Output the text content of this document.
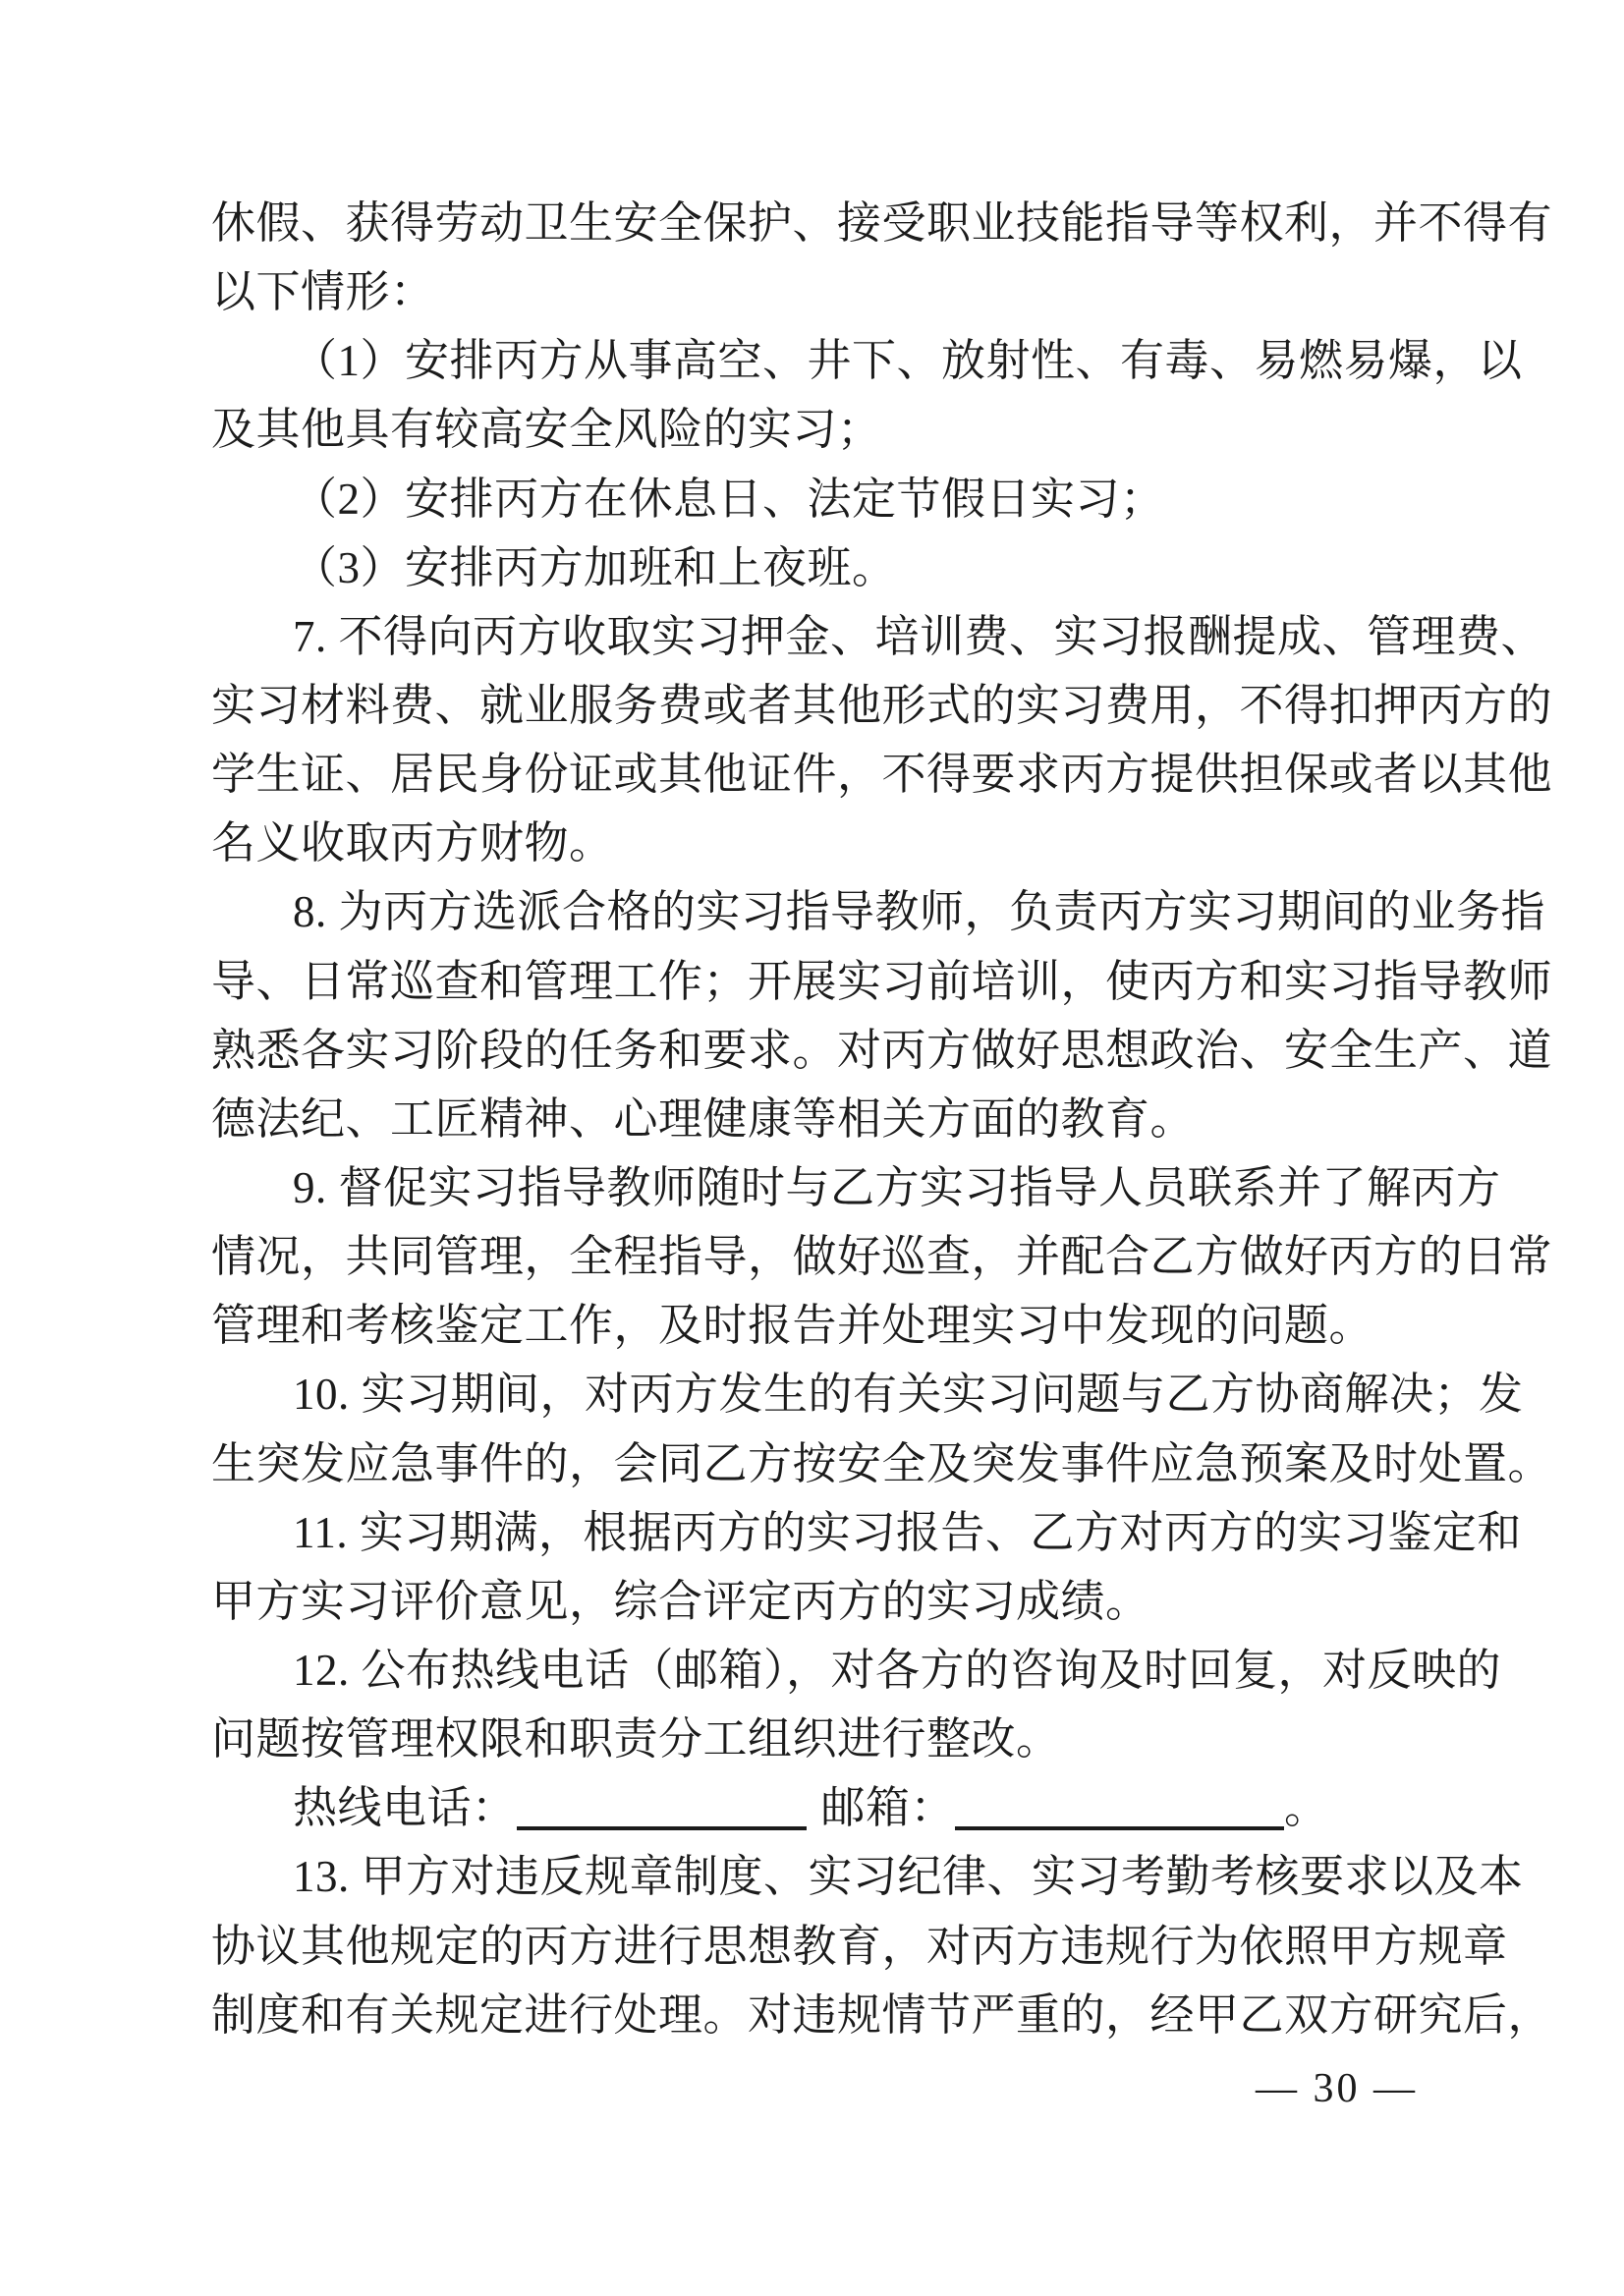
休假、获得劳动卫生安全保护、接受职业技能指导等权利，并不得有
以下情形：
（1）安排丙方从事高空、井下、放射性、有毒、易燃易爆，以
及其他具有较高安全风险的实习；
（2）安排丙方在休息日、法定节假日实习；
（3）安排丙方加班和上夜班。
7. 不得向丙方收取实习押金、培训费、实习报酬提成、管理费、
实习材料费、就业服务费或者其他形式的实习费用，不得扣押丙方的
学生证、居民身份证或其他证件，不得要求丙方提供担保或者以其他
名义收取丙方财物。
8. 为丙方选派合格的实习指导教师，负责丙方实习期间的业务指
导、日常巡查和管理工作；开展实习前培训，使丙方和实习指导教师
熟悉各实习阶段的任务和要求。对丙方做好思想政治、安全生产、道
德法纪、工匠精神、心理健康等相关方面的教育。
9. 督促实习指导教师随时与乙方实习指导人员联系并了解丙方
情况，共同管理，全程指导，做好巡查，并配合乙方做好丙方的日常
管理和考核鉴定工作，及时报告并处理实习中发现的问题。
10. 实习期间，对丙方发生的有关实习问题与乙方协商解决；发
生突发应急事件的，会同乙方按安全及突发事件应急预案及时处置。
11. 实习期满，根据丙方的实习报告、乙方对丙方的实习鉴定和
甲方实习评价意见，综合评定丙方的实习成绩。
12. 公布热线电话（邮箱），对各方的咨询及时回复，对反映的
问题按管理权限和职责分工组织进行整改。
热线电话：	邮箱：	。
13. 甲方对违反规章制度、实习纪律、实习考勤考核要求以及本
协议其他规定的丙方进行思想教育，对丙方违规行为依照甲方规章
制度和有关规定进行处理。对违规情节严重的，经甲乙双方研究后，
— 30 —
